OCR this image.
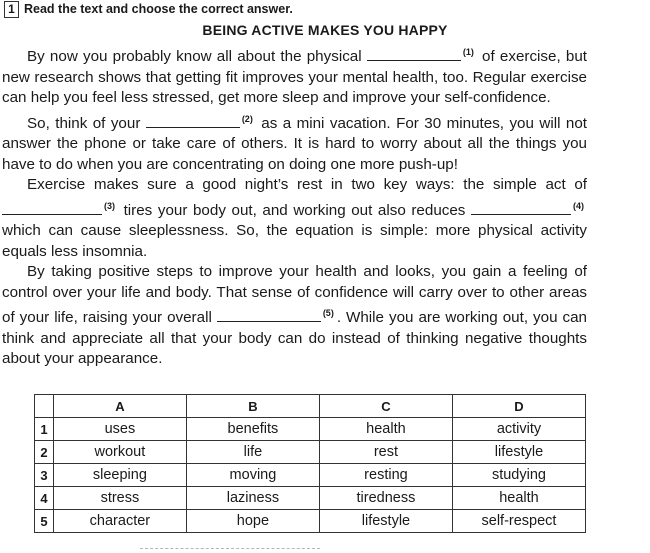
1 Read the text and choose the correct answer.
BEING ACTIVE MAKES YOU HAPPY

By now you probably know all about the physical	$^{(1)}$ of exercise, but new research shows that getting fit improves your mental health, too. Regular exercise can help you feel less stressed, get more sleep and improve your self-confidence.

So, think of your	$^{(2)}$ as a mini vacation. For 30 minutes, you will not answer the phone or take care of others. It is hard to worry about all the things you have to do when you are concentrating on doing one more push-up!

Exercise makes sure a good night’s rest in two key ways: the simple act of $^{(3)}$ tires your body out, and working out also reduces	$^{(4)}$ which can cause sleeplessness. So, the equation is simple: more physical activity equals less insomnia.

By taking positive steps to improve your health and looks, you gain a feeling of control over your life and body. That sense of confidence will carry over to other areas of your life, raising your overall	$^{(5)}$ . While you are working out, you can think and appreciate all that your body can do instead of thinking negative thoughts about your appearance.

	A	B	C	D
1	uses	benefits	health	activity
2	workout	life	rest	lifestyle
3	sleeping	moving	resting	studying
4	stress	laziness	tiredness	health
5	character	hope	lifestyle	self-respect
